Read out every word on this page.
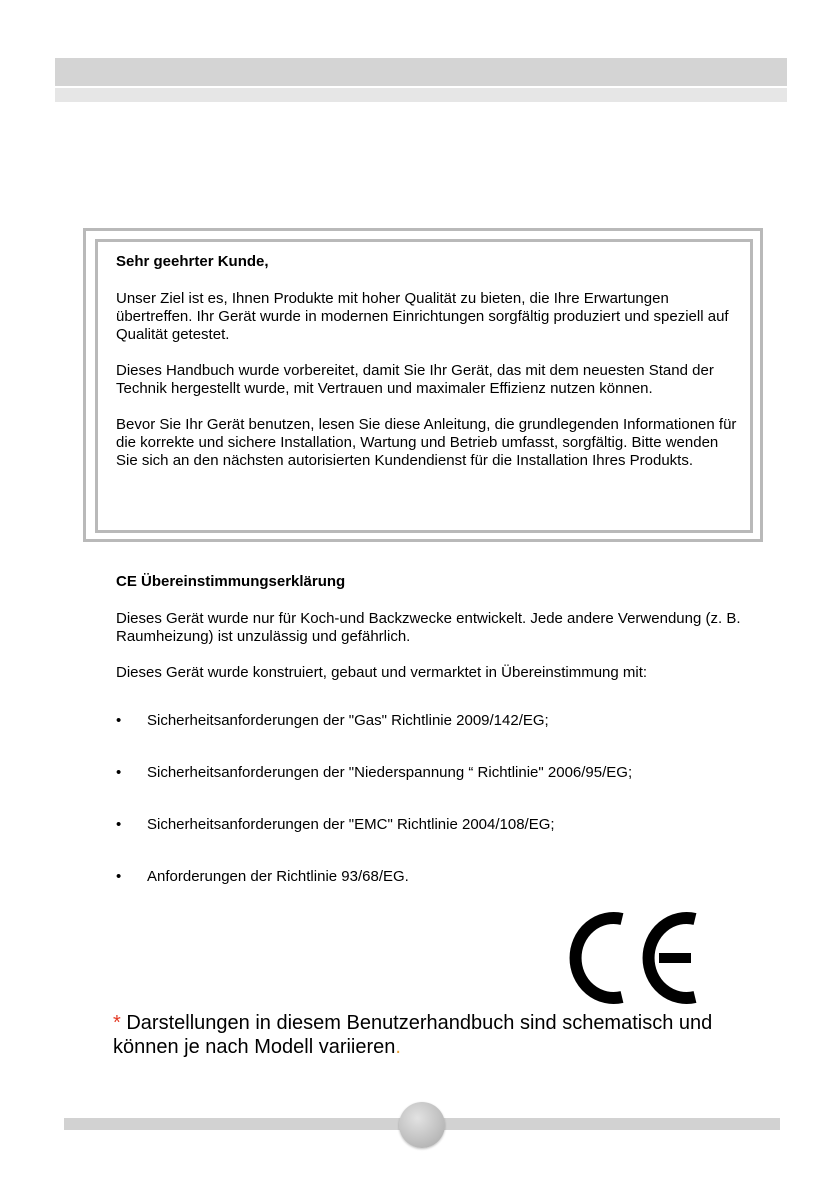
Sehr geehrter Kunde,

Unser Ziel ist es, Ihnen Produkte mit hoher Qualität zu bieten, die Ihre Erwartungen übertreffen. Ihr Gerät wurde in modernen Einrichtungen sorgfältig produziert und speziell auf Qualität getestet.

Dieses Handbuch wurde vorbereitet, damit Sie Ihr Gerät, das mit dem neuesten Stand der Technik hergestellt wurde, mit Vertrauen und maximaler Effizienz nutzen können.

Bevor Sie Ihr Gerät benutzen, lesen Sie diese Anleitung, die grundlegenden Informationen für die korrekte und sichere Installation, Wartung und Betrieb umfasst, sorgfältig. Bitte wenden Sie sich an den nächsten autorisierten Kundendienst für die Installation Ihres Produkts.

CE Übereinstimmungserklärung

Dieses Gerät wurde nur für Koch-und Backzwecke entwickelt. Jede andere Verwendung (z. B. Raumheizung) ist unzulässig und gefährlich.

Dieses Gerät wurde konstruiert, gebaut und vermarktet in Übereinstimmung mit:

• Sicherheitsanforderungen der "Gas" Richtlinie 2009/142/EG;
• Sicherheitsanforderungen der "Niederspannung “ Richtlinie" 2006/95/EG;
• Sicherheitsanforderungen der "EMC" Richtlinie 2004/108/EG;
• Anforderungen der Richtlinie 93/68/EG.
* Darstellungen in diesem Benutzerhandbuch sind schematisch und können je nach Modell variieren.
